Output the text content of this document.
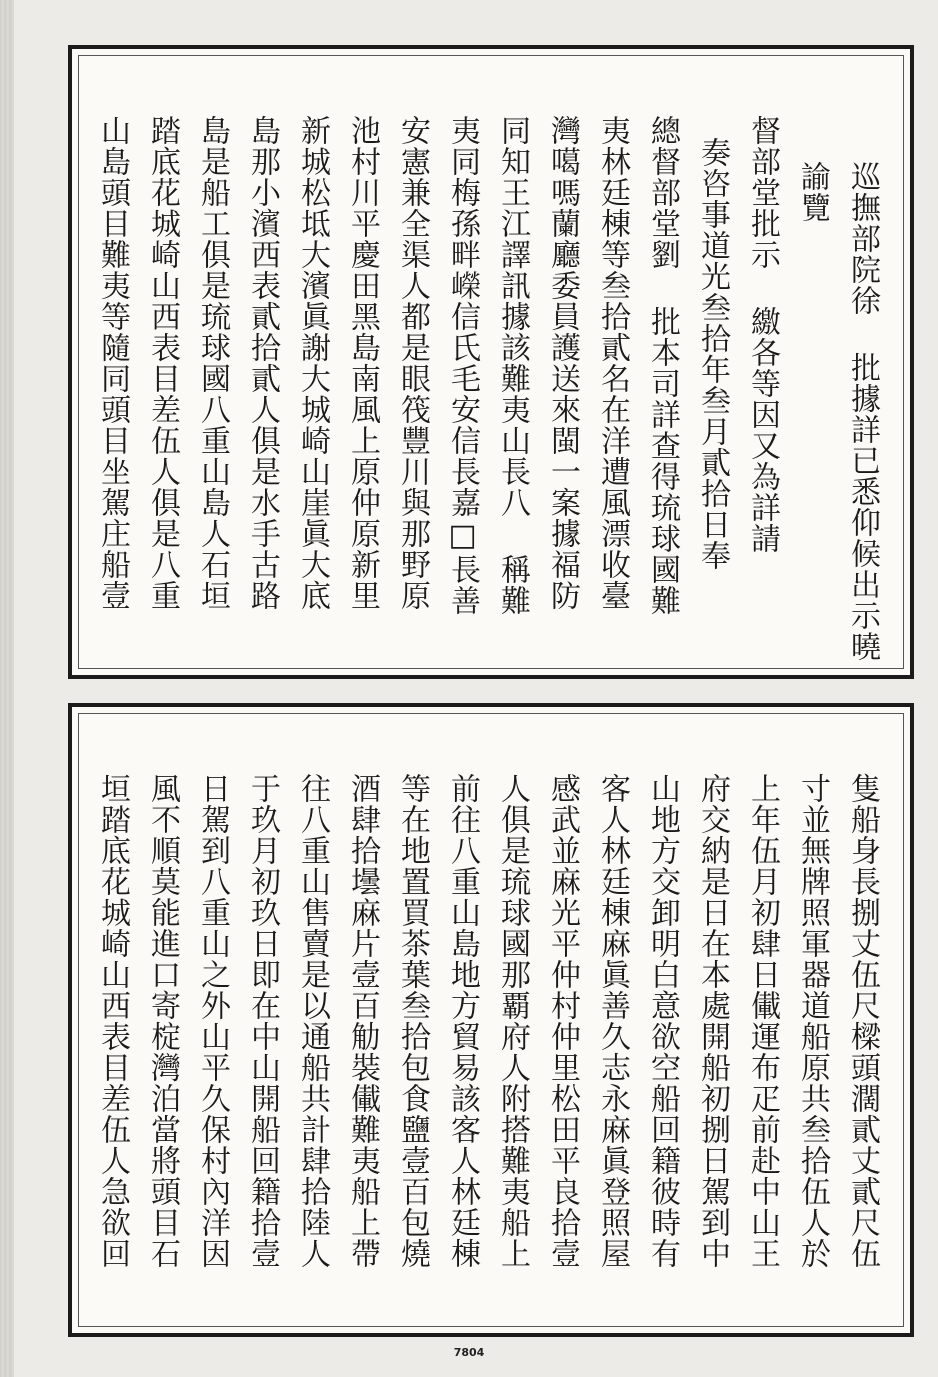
巡撫部院徐 批據詳已悉仰候出示曉
諭覽
督部堂批示 繳各等因又為詳請
奏咨事道光叁拾年叁月貳拾日奉
總督部堂劉 批本司詳查得琉球國難
夷林廷棟等叁拾貳名在洋遭風漂收臺
灣噶嗎蘭廳委員護送來閩一案據福防
同知王江譯訊據該難夷山長八 稱難
夷同梅孫畔嶸信氏毛安信長嘉□長善
安憲兼全渠人都是眼筏豐川與那野原
池村川平慶田黑島南風上原仲原新里
新城松坻大濱眞謝大城崎山崖眞大底
島那小濱西表貳拾貳人俱是水手古路
島是船工俱是琉球國八重山島人石垣
踏底花城崎山西表目差伍人俱是八重
山島頭目難夷等隨同頭目坐駕庄船壹
隻船身長捌丈伍尺樑頭濶貳丈貳尺伍
寸並無牌照軍器道船原共叁拾伍人於
上年伍月初肆日儎運布疋前赴中山王
府交納是日在本處開船初捌日駕到中
山地方交卸明白意欲空船回籍彼時有
客人林廷棟麻眞善久志永麻眞登照屋
感武並麻光平仲村仲里松田平良拾壹
人俱是琉球國那覇府人附搭難夷船上
前往八重山島地方貿易該客人林廷棟
等在地置買茶葉叁拾包食鹽壹百包燒
酒肆拾壜麻片壹百觔裝儎難夷船上帶
往八重山售賣是以通船共計肆拾陸人
于玖月初玖日即在中山開船回籍拾壹
日駕到八重山之外山平久保村內洋因
風不順莫能進口寄椗灣泊當將頭目石
垣踏底花城崎山西表目差伍人急欲回
7804
